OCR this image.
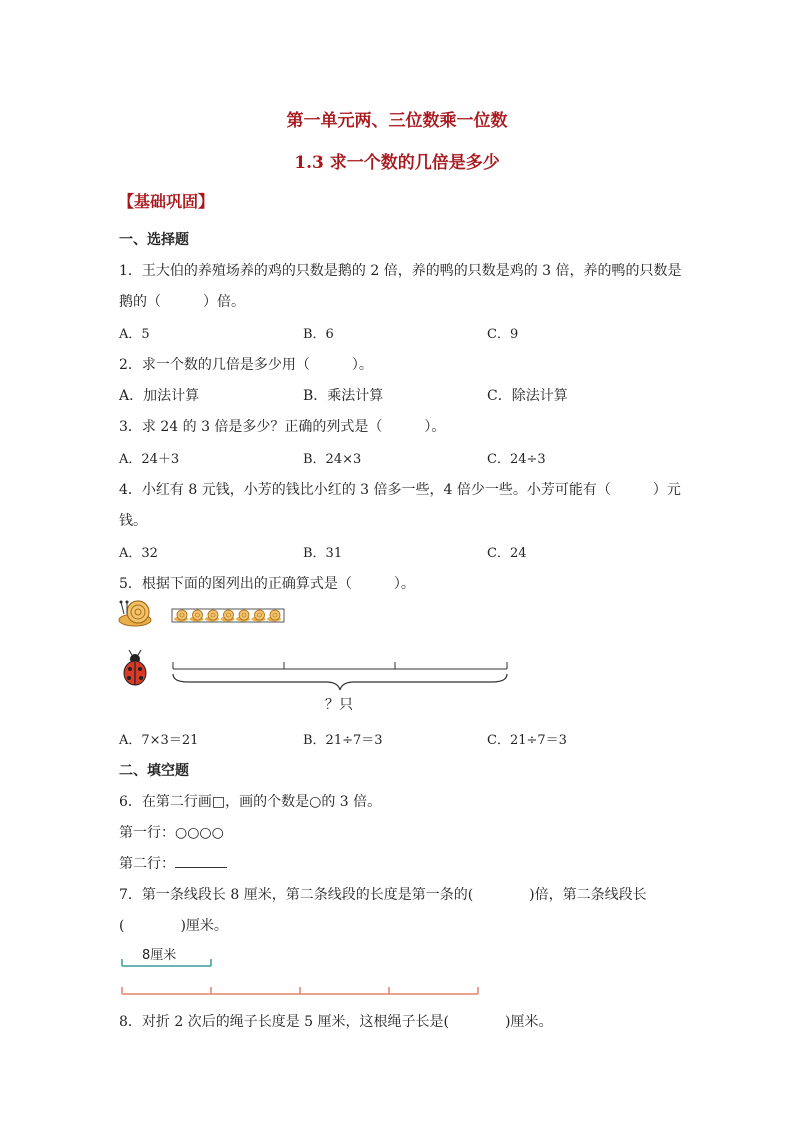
第一单元两、三位数乘一位数
1.3 求一个数的几倍是多少
【基础巩固】
一、选择题
1．王大伯的养殖场养的鸡的只数是鹅的 2 倍，养的鸭的只数是鸡的 3 倍，养的鸭的只数是
鹅的（　　　）倍。
A．5	B．6	C．9
2．求一个数的几倍是多少用（　　　）。
A．加法计算	B．乘法计算	C．除法计算
3．求 24 的 3 倍是多少？正确的列式是（　　　）。
A．24＋3	B．24×3	C．24÷3
4．小红有 8 元钱，小芳的钱比小红的 3 倍多一些，4 倍少一些。小芳可能有（　　　）元
钱。
A．32	B．31	C．24
5．根据下面的图列出的正确算式是（　　　）。
？只
A．7×3＝21	B．21÷7＝3	C．21÷7＝3
二、填空题
6．在第二行画□，画的个数是○的 3 倍。
第一行：○○○○
第二行：
7．第一条线段长 8 厘米，第二条线段的长度是第一条的(　　　　)倍，第二条线段长
(　　　　)厘米。
8厘米
8．对折 2 次后的绳子长度是 5 厘米，这根绳子长是(　　　　)厘米。
